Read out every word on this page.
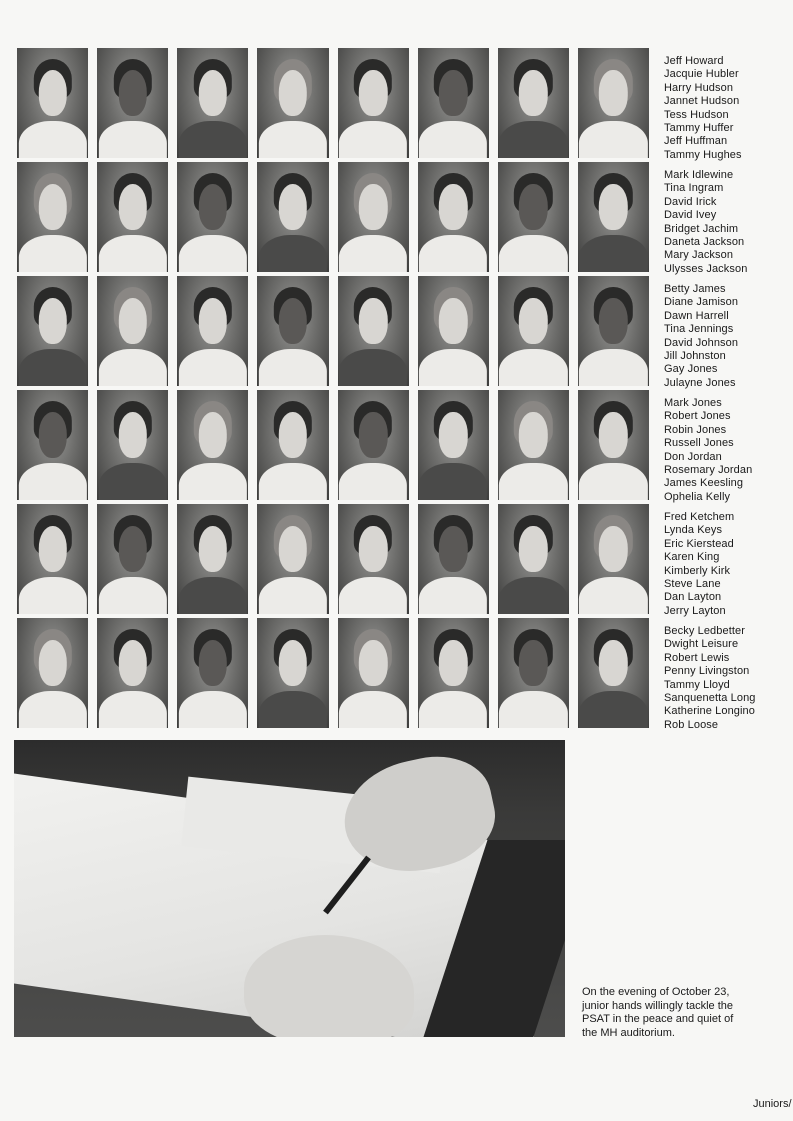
Jeff Howard
Jacquie Hubler
Harry Hudson
Jannet Hudson
Tess Hudson
Tammy Huffer
Jeff Huffman
Tammy Hughes
Mark Idlewine
Tina Ingram
David Irick
David Ivey
Bridget Jachim
Daneta Jackson
Mary Jackson
Ulysses Jackson
Betty James
Diane Jamison
Dawn Harrell
Tina Jennings
David Johnson
Jill Johnston
Gay Jones
Julayne Jones
Mark Jones
Robert Jones
Robin Jones
Russell Jones
Don Jordan
Rosemary Jordan
James Keesling
Ophelia Kelly
Fred Ketchem
Lynda Keys
Eric Kierstead
Karen King
Kimberly Kirk
Steve Lane
Dan Layton
Jerry Layton
Becky Ledbetter
Dwight Leisure
Robert Lewis
Penny Livingston
Tammy Lloyd
Sanquenetta Long
Katherine Longino
Rob Loose
On the evening of October 23,
junior hands willingly tackle the
PSAT in the peace and quiet of
the MH auditorium.
Juniors/
